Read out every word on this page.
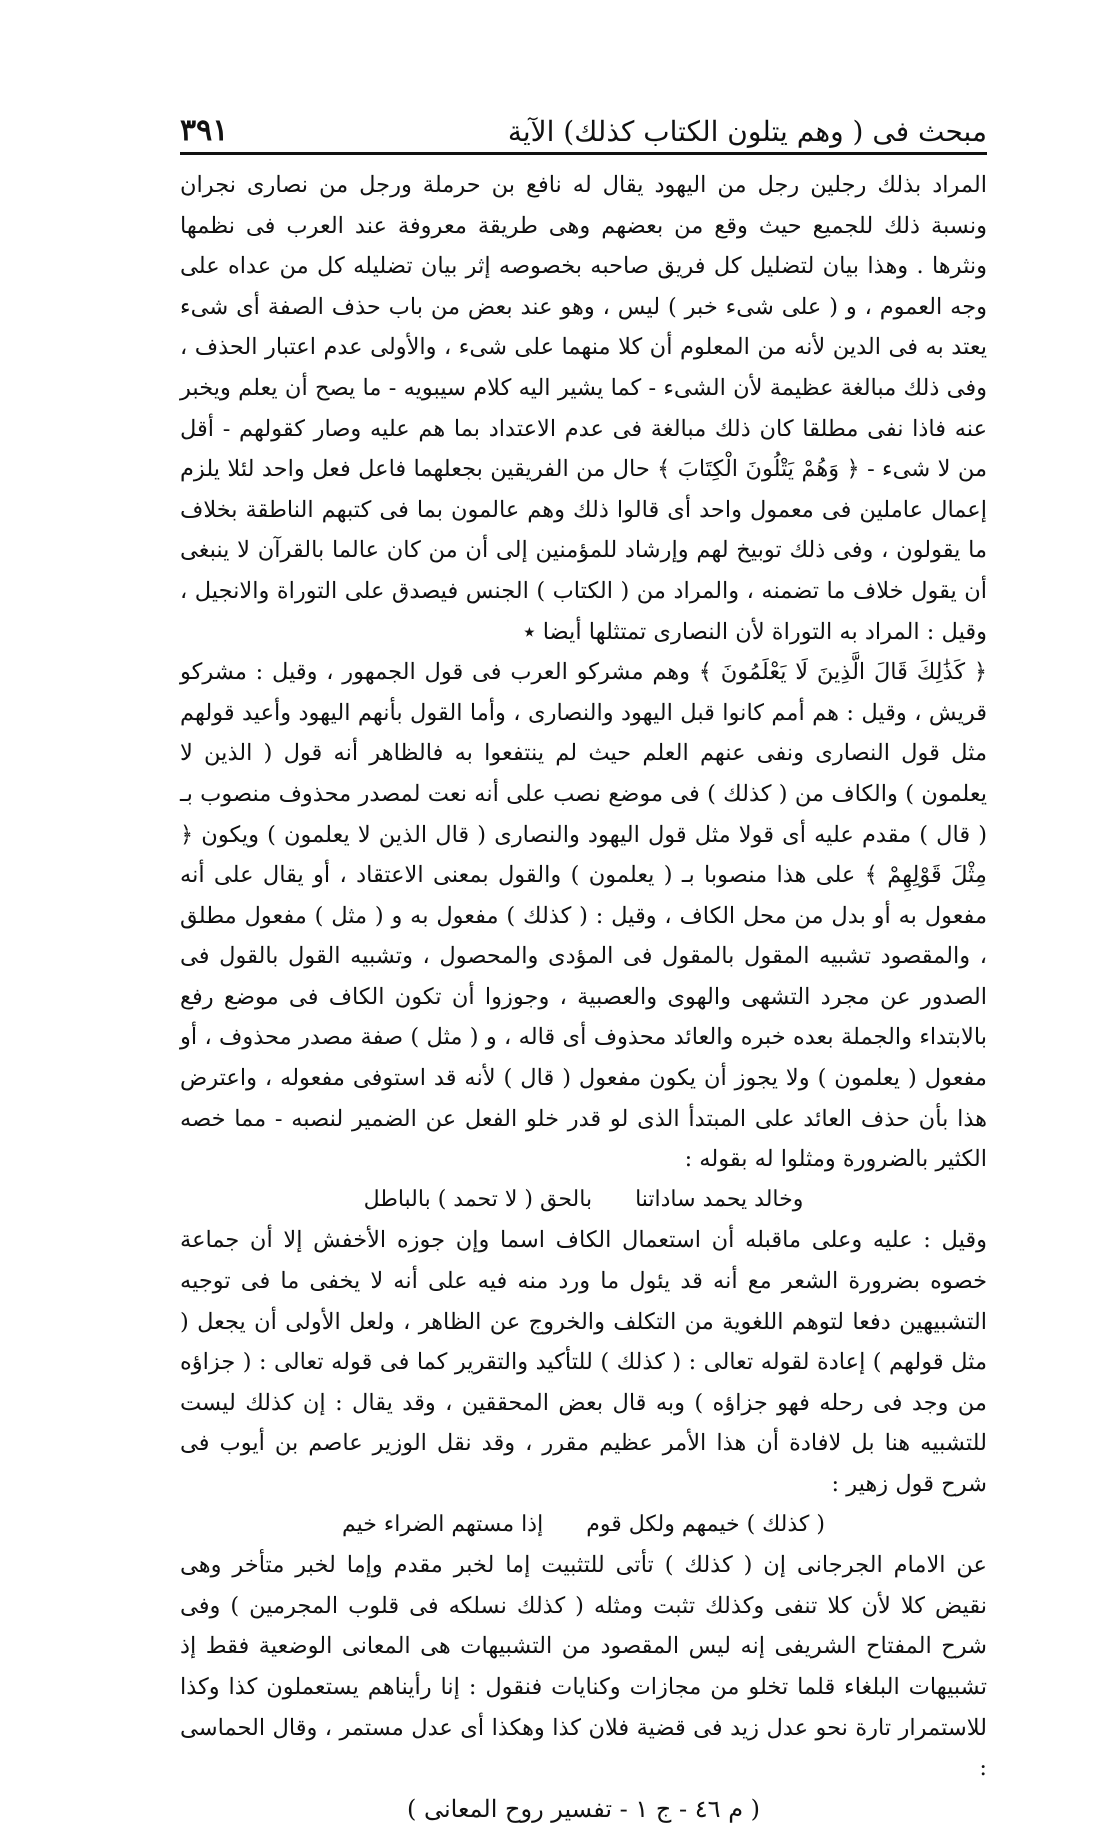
مبحث فى ( وهم يتلون الكتاب كذلك) الآية
٣٩١

المراد بذلك رجلين رجل من اليهود يقال له نافع بن حرملة ورجل من نصارى نجران ونسبة ذلك للجميع حيث وقع من بعضهم وهى طريقة معروفة عند العرب فى نظمها ونثرها . وهذا بيان لتضليل كل فريق صاحبه بخصوصه إثر بيان تضليله كل من عداه على وجه العموم ، و ( على شىء خبر ) ليس ، وهو عند بعض من باب حذف الصفة أى شىء يعتد به فى الدين لأنه من المعلوم أن كلا منهما على شىء ، والأولى عدم اعتبار الحذف ، وفى ذلك مبالغة عظيمة لأن الشىء - كما يشير اليه كلام سيبويه - ما يصح أن يعلم ويخبر عنه فاذا نفى مطلقا كان ذلك مبالغة فى عدم الاعتداد بما هم عليه وصار كقولهم - أقل من لا شىء - ﴿ وَهُمْ يَتْلُونَ الْكِتَابَ ﴾ حال من الفريقين بجعلهما فاعل فعل واحد لئلا يلزم إعمال عاملين فى معمول واحد أى قالوا ذلك وهم عالمون بما فى كتبهم الناطقة بخلاف ما يقولون ، وفى ذلك توبيخ لهم وإرشاد للمؤمنين إلى أن من كان عالما بالقرآن لا ينبغى أن يقول خلاف ما تضمنه ، والمراد من ( الكتاب ) الجنس فيصدق على التوراة والانجيل ، وقيل : المراد به التوراة لأن النصارى تمتثلها أيضا ٭

﴿ كَذَٰلِكَ قَالَ الَّذِينَ لَا يَعْلَمُونَ ﴾ وهم مشركو العرب فى قول الجمهور ، وقيل : مشركو قريش ، وقيل : هم أمم كانوا قبل اليهود والنصارى ، وأما القول بأنهم اليهود وأعيد قولهم مثل قول النصارى ونفى عنهم العلم حيث لم ينتفعوا به فالظاهر أنه قول ( الذين لا يعلمون ) والكاف من ( كذلك ) فى موضع نصب على أنه نعت لمصدر محذوف منصوب بـ ( قال ) مقدم عليه أى قولا مثل قول اليهود والنصارى ( قال الذين لا يعلمون ) ويكون ﴿ مِثْلَ قَوْلِهِمْ ﴾ على هذا منصوبا بـ ( يعلمون ) والقول بمعنى الاعتقاد ، أو يقال على أنه مفعول به أو بدل من محل الكاف ، وقيل : ( كذلك ) مفعول به و ( مثل ) مفعول مطلق ، والمقصود تشبيه المقول بالمقول فى المؤدى والمحصول ، وتشبيه القول بالقول فى الصدور عن مجرد التشهى والهوى والعصبية ، وجوزوا أن تكون الكاف فى موضع رفع بالابتداء والجملة بعده خبره والعائد محذوف أى قاله ، و ( مثل ) صفة مصدر محذوف ، أو مفعول ( يعلمون ) ولا يجوز أن يكون مفعول ( قال ) لأنه قد استوفى مفعوله ، واعترض هذا بأن حذف العائد على المبتدأ الذى لو قدر خلو الفعل عن الضمير لنصبه - مما خصه الكثير بالضرورة ومثلوا له بقوله :

وخالد يحمد ساداتنا بالحق ( لا تحمد ) بالباطل

وقيل : عليه وعلى ماقبله أن استعمال الكاف اسما وإن جوزه الأخفش إلا أن جماعة خصوه بضرورة الشعر مع أنه قد يئول ما ورد منه فيه على أنه لا يخفى ما فى توجيه التشبيهين دفعا لتوهم اللغوية من التكلف والخروج عن الظاهر ، ولعل الأولى أن يجعل ( مثل قولهم ) إعادة لقوله تعالى : ( كذلك ) للتأكيد والتقرير كما فى قوله تعالى : ( جزاؤه من وجد فى رحله فهو جزاؤه ) وبه قال بعض المحققين ، وقد يقال : إن كذلك ليست للتشبيه هنا بل لافادة أن هذا الأمر عظيم مقرر ، وقد نقل الوزير عاصم بن أيوب فى شرح قول زهير :

( كذلك ) خيمهم ولكل قوم إذا مستهم الضراء خيم

عن الامام الجرجانى إن ( كذلك ) تأتى للتثبيت إما لخبر مقدم وإما لخبر متأخر وهى نقيض كلا لأن كلا تنفى وكذلك تثبت ومثله ( كذلك نسلكه فى قلوب المجرمين ) وفى شرح المفتاح الشريفى إنه ليس المقصود من التشبيهات هى المعانى الوضعية فقط إذ تشبيهات البلغاء قلما تخلو من مجازات وكنايات فنقول : إنا رأيناهم يستعملون كذا وكذا للاستمرار تارة نحو عدل زيد فى قضية فلان كذا وهكذا أى عدل مستمر ، وقال الحماسى :

( م ٤٦ - ج ١ - تفسير روح المعانى )
